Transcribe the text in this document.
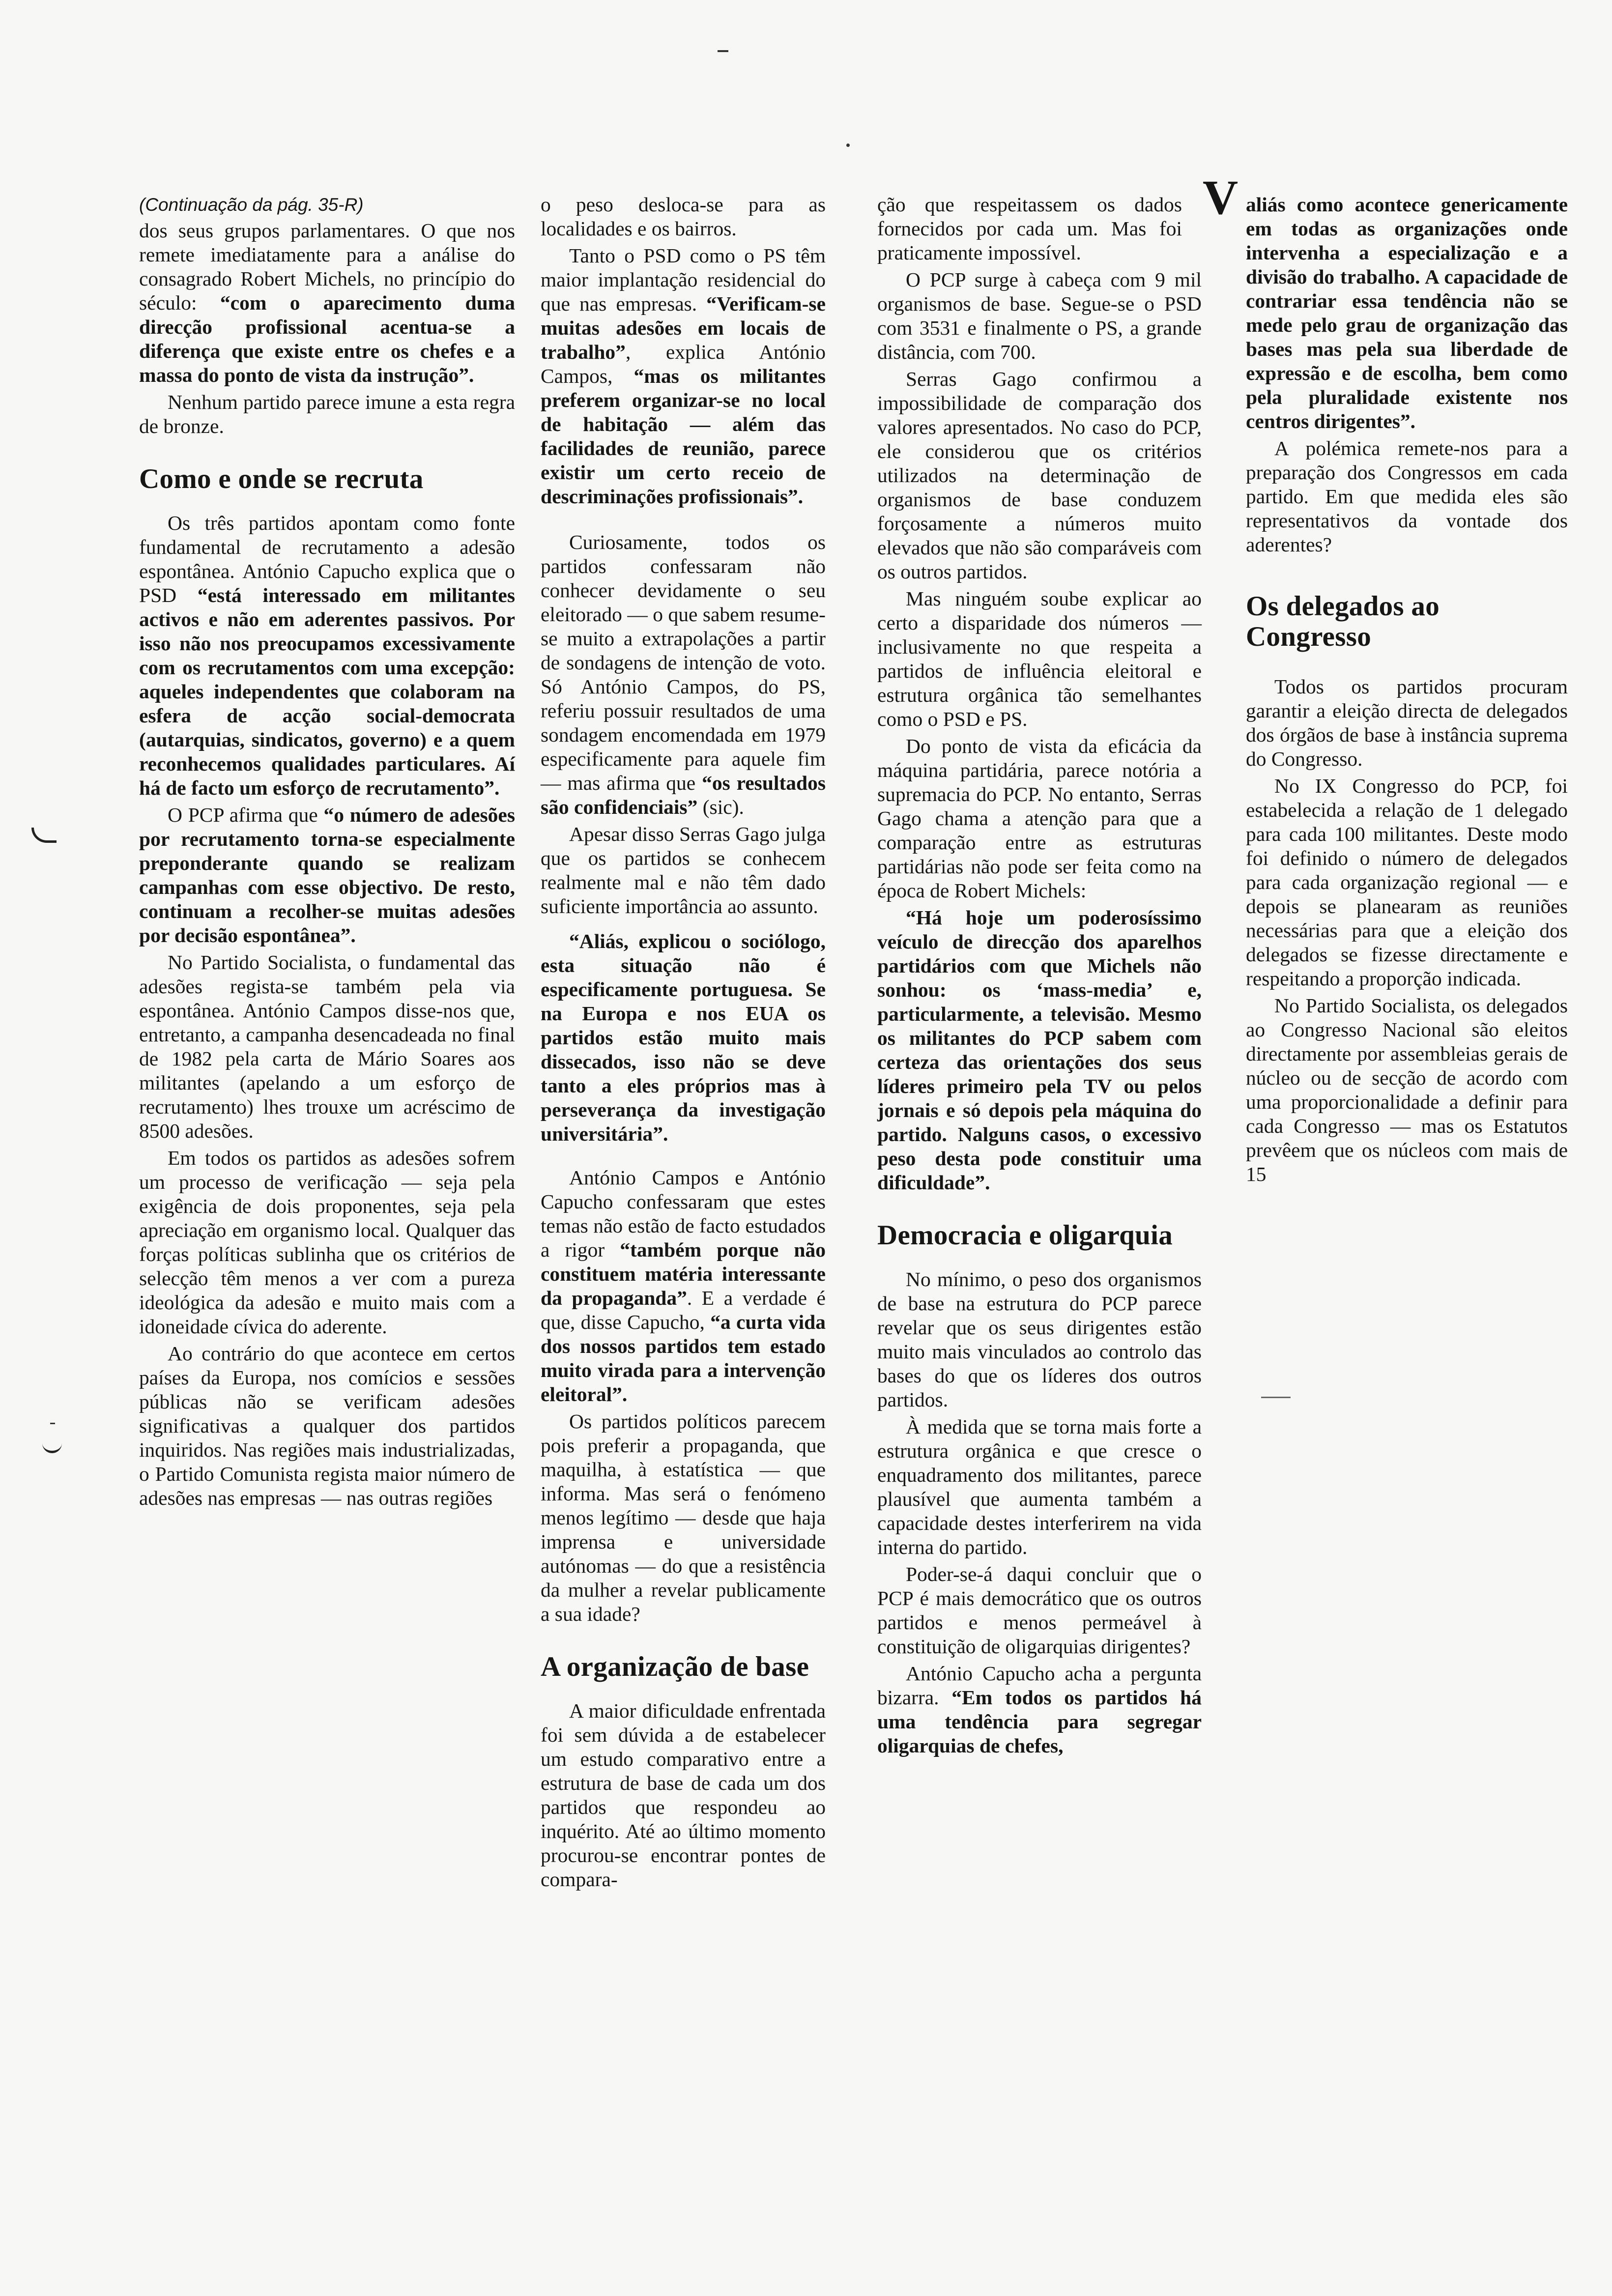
(Continuação da pág. 35-R)

dos seus grupos parlamentares. O que nos remete imediatamente para a análise do consagrado Robert Michels, no princípio do século: “com o aparecimento duma direcção profissional acentua-se a diferença que existe entre os chefes e a massa do ponto de vista da instrução”.

Nenhum partido parece imune a esta regra de bronze.

Como e onde se recruta

Os três partidos apontam como fonte fundamental de recrutamento a adesão espontânea. António Capucho explica que o PSD “está interessado em militantes activos e não em aderentes passivos. Por isso não nos preocupamos excessivamente com os recrutamentos com uma excepção: aqueles independentes que colaboram na esfera de acção social-democrata (autarquias, sindicatos, governo) e a quem reconhecemos qualidades particulares. Aí há de facto um esforço de recrutamento”.

O PCP afirma que “o número de adesões por recrutamento torna-se especialmente preponderante quando se realizam campanhas com esse objectivo. De resto, continuam a recolher-se muitas adesões por decisão espontânea”.

No Partido Socialista, o fundamental das adesões regista-se também pela via espontânea. António Campos disse-nos que, entretanto, a campanha desencadeada no final de 1982 pela carta de Mário Soares aos militantes (apelando a um esforço de recrutamento) lhes trouxe um acréscimo de 8500 adesões.

Em todos os partidos as adesões sofrem um processo de verificação — seja pela exigência de dois proponentes, seja pela apreciação em organismo local. Qualquer das forças políticas sublinha que os critérios de selecção têm menos a ver com a pureza ideológica da adesão e muito mais com a idoneidade cívica do aderente.

Ao contrário do que acontece em certos países da Europa, nos comícios e sessões públicas não se verificam adesões significativas a qualquer dos partidos inquiridos. Nas regiões mais industrializadas, o Partido Comunista regista maior número de adesões nas empresas — nas outras regiões

o peso desloca-se para as localidades e os bairros.

Tanto o PSD como o PS têm maior implantação residencial do que nas empresas. “Verificam-se muitas adesões em locais de trabalho”, explica António Campos, “mas os militantes preferem organizar-se no local de habitação — além das facilidades de reunião, parece existir um certo receio de descriminações profissionais”.

Curiosamente, todos os partidos confessaram não conhecer devidamente o seu eleitorado — o que sabem resume-se muito a extrapolações a partir de sondagens de intenção de voto. Só António Campos, do PS, referiu possuir resultados de uma sondagem encomendada em 1979 especificamente para aquele fim — mas afirma que “os resultados são confidenciais” (sic).

Apesar disso Serras Gago julga que os partidos se conhecem realmente mal e não têm dado suficiente importância ao assunto.

“Aliás, explicou o sociólogo, esta situação não é especificamente portuguesa. Se na Europa e nos EUA os partidos estão muito mais dissecados, isso não se deve tanto a eles próprios mas à perseverança da investigação universitária”.

António Campos e António Capucho confessaram que estes temas não estão de facto estudados a rigor “também porque não constituem matéria interessante da propaganda”. E a verdade é que, disse Capucho, “a curta vida dos nossos partidos tem estado muito virada para a intervenção eleitoral”.

Os partidos políticos parecem pois preferir a propaganda, que maquilha, à estatística — que informa. Mas será o fenómeno menos legítimo — desde que haja imprensa e universidade autónomas — do que a resistência da mulher a revelar publicamente a sua idade?

A organização de base

A maior dificuldade enfrentada foi sem dúvida a de estabelecer um estudo comparativo entre a estrutura de base de cada um dos partidos que respondeu ao inquérito. Até ao último momento procurou-se encontrar pontes de compara-

V

ção que respeitassem os dados fornecidos por cada um. Mas foi praticamente impossível.

O PCP surge à cabeça com 9 mil organismos de base. Segue-se o PSD com 3531 e finalmente o PS, a grande distância, com 700.

Serras Gago confirmou a impossibilidade de comparação dos valores apresentados. No caso do PCP, ele considerou que os critérios utilizados na determinação de organismos de base conduzem forçosamente a números muito elevados que não são comparáveis com os outros partidos.

Mas ninguém soube explicar ao certo a disparidade dos números — inclusivamente no que respeita a partidos de influência eleitoral e estrutura orgânica tão semelhantes como o PSD e PS.

Do ponto de vista da eficácia da máquina partidária, parece notória a supremacia do PCP. No entanto, Serras Gago chama a atenção para que a comparação entre as estruturas partidárias não pode ser feita como na época de Robert Michels:

“Há hoje um poderosíssimo veículo de direcção dos aparelhos partidários com que Michels não sonhou: os ‘mass-media’ e, particularmente, a televisão. Mesmo os militantes do PCP sabem com certeza das orientações dos seus líderes primeiro pela TV ou pelos jornais e só depois pela máquina do partido. Nalguns casos, o excessivo peso desta pode constituir uma dificuldade”.

Democracia e oligarquia

No mínimo, o peso dos organismos de base na estrutura do PCP parece revelar que os seus dirigentes estão muito mais vinculados ao controlo das bases do que os líderes dos outros partidos.

À medida que se torna mais forte a estrutura orgânica e que cresce o enquadramento dos militantes, parece plausível que aumenta também a capacidade destes interferirem na vida interna do partido.

Poder-se-á daqui concluir que o PCP é mais democrático que os outros partidos e menos permeável à constituição de oligarquias dirigentes?

António Capucho acha a pergunta bizarra. “Em todos os partidos há uma tendência para segregar oligarquias de chefes,

aliás como acontece genericamente em todas as organizações onde intervenha a especialização e a divisão do trabalho. A capacidade de contrariar essa tendência não se mede pelo grau de organização das bases mas pela sua liberdade de expressão e de escolha, bem como pela pluralidade existente nos centros dirigentes”.

A polémica remete-nos para a preparação dos Congressos em cada partido. Em que medida eles são representativos da vontade dos aderentes?

Os delegados ao Congresso

Todos os partidos procuram garantir a eleição directa de delegados dos órgãos de base à instância suprema do Congresso.

No IX Congresso do PCP, foi estabelecida a relação de 1 delegado para cada 100 militantes. Deste modo foi definido o número de delegados para cada organização regional — e depois se planearam as reuniões necessárias para que a eleição dos delegados se fizesse directamente e respeitando a proporção indicada.

No Partido Socialista, os delegados ao Congresso Nacional são eleitos directamente por assembleias gerais de núcleo ou de secção de acordo com uma proporcionalidade a definir para cada Congresso — mas os Estatutos prevêem que os núcleos com mais de 15
